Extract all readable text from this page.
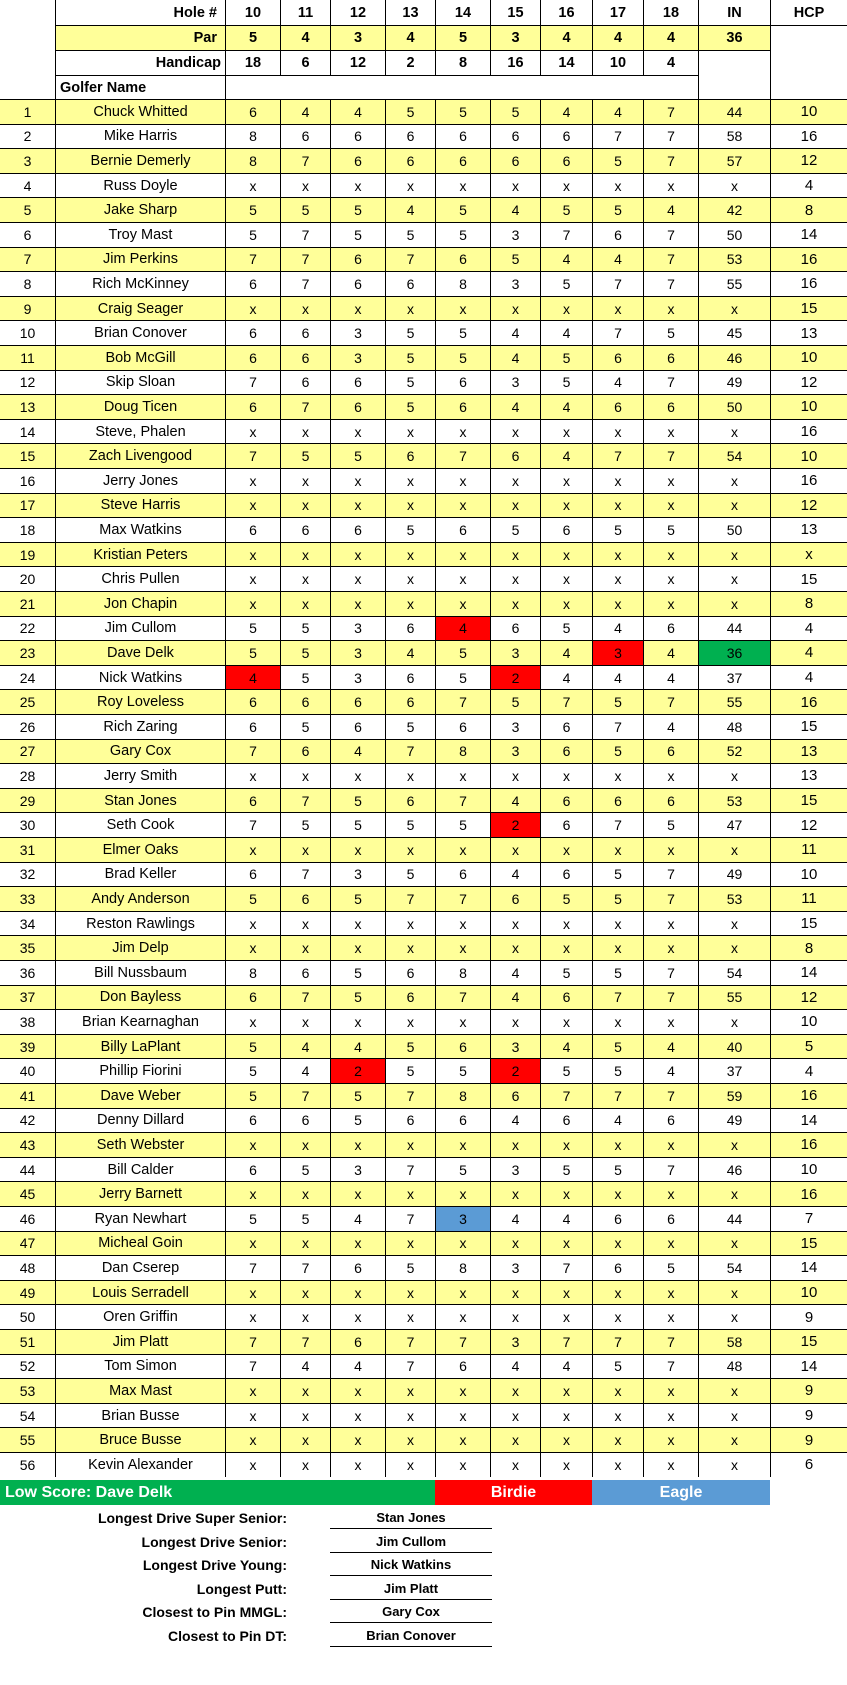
Hole #	10	11	12	13	14	15	16	17	18	IN	HCP
Par	5	4	3	4	5	3	4	4	4	36
Handicap	18	6	12	2	8	16	14	10	4
Golfer Name
1	Chuck Whitted	6	4	4	5	5	5	4	4	7	44	10
2	Mike Harris	8	6	6	6	6	6	6	7	7	58	16
3	Bernie Demerly	8	7	6	6	6	6	6	5	7	57	12
4	Russ Doyle	x	x	x	x	x	x	x	x	x	x	4
5	Jake Sharp	5	5	5	4	5	4	5	5	4	42	8
6	Troy Mast	5	7	5	5	5	3	7	6	7	50	14
7	Jim Perkins	7	7	6	7	6	5	4	4	7	53	16
8	Rich McKinney	6	7	6	6	8	3	5	7	7	55	16
9	Craig Seager	x	x	x	x	x	x	x	x	x	x	15
10	Brian Conover	6	6	3	5	5	4	4	7	5	45	13
11	Bob McGill	6	6	3	5	5	4	5	6	6	46	10
12	Skip Sloan	7	6	6	5	6	3	5	4	7	49	12
13	Doug Ticen	6	7	6	5	6	4	4	6	6	50	10
14	Steve, Phalen	x	x	x	x	x	x	x	x	x	x	16
15	Zach Livengood	7	5	5	6	7	6	4	7	7	54	10
16	Jerry Jones	x	x	x	x	x	x	x	x	x	x	16
17	Steve Harris	x	x	x	x	x	x	x	x	x	x	12
18	Max Watkins	6	6	6	5	6	5	6	5	5	50	13
19	Kristian Peters	x	x	x	x	x	x	x	x	x	x	x
20	Chris Pullen	x	x	x	x	x	x	x	x	x	x	15
21	Jon Chapin	x	x	x	x	x	x	x	x	x	x	8
22	Jim Cullom	5	5	3	6	4	6	5	4	6	44	4
23	Dave Delk	5	5	3	4	5	3	4	3	4	36	4
24	Nick Watkins	4	5	3	6	5	2	4	4	4	37	4
25	Roy Loveless	6	6	6	6	7	5	7	5	7	55	16
26	Rich Zaring	6	5	6	5	6	3	6	7	4	48	15
27	Gary Cox	7	6	4	7	8	3	6	5	6	52	13
28	Jerry Smith	x	x	x	x	x	x	x	x	x	x	13
29	Stan Jones	6	7	5	6	7	4	6	6	6	53	15
30	Seth Cook	7	5	5	5	5	2	6	7	5	47	12
31	Elmer Oaks	x	x	x	x	x	x	x	x	x	x	11
32	Brad Keller	6	7	3	5	6	4	6	5	7	49	10
33	Andy Anderson	5	6	5	7	7	6	5	5	7	53	11
34	Reston Rawlings	x	x	x	x	x	x	x	x	x	x	15
35	Jim Delp	x	x	x	x	x	x	x	x	x	x	8
36	Bill Nussbaum	8	6	5	6	8	4	5	5	7	54	14
37	Don Bayless	6	7	5	6	7	4	6	7	7	55	12
38	Brian Kearnaghan	x	x	x	x	x	x	x	x	x	x	10
39	Billy LaPlant	5	4	4	5	6	3	4	5	4	40	5
40	Phillip Fiorini	5	4	2	5	5	2	5	5	4	37	4
41	Dave Weber	5	7	5	7	8	6	7	7	7	59	16
42	Denny Dillard	6	6	5	6	6	4	6	4	6	49	14
43	Seth Webster	x	x	x	x	x	x	x	x	x	x	16
44	Bill Calder	6	5	3	7	5	3	5	5	7	46	10
45	Jerry Barnett	x	x	x	x	x	x	x	x	x	x	16
46	Ryan Newhart	5	5	4	7	3	4	4	6	6	44	7
47	Micheal Goin	x	x	x	x	x	x	x	x	x	x	15
48	Dan Cserep	7	7	6	5	8	3	7	6	5	54	14
49	Louis Serradell	x	x	x	x	x	x	x	x	x	x	10
50	Oren Griffin	x	x	x	x	x	x	x	x	x	x	9
51	Jim Platt	7	7	6	7	7	3	7	7	7	58	15
52	Tom Simon	7	4	4	7	6	4	4	5	7	48	14
53	Max Mast	x	x	x	x	x	x	x	x	x	x	9
54	Brian Busse	x	x	x	x	x	x	x	x	x	x	9
55	Bruce Busse	x	x	x	x	x	x	x	x	x	x	9
56	Kevin Alexander	x	x	x	x	x	x	x	x	x	x	6
Low Score: Dave Delk	Birdie	Eagle
Longest Drive Super Senior:	Stan Jones
Longest Drive Senior:	Jim Cullom
Longest Drive Young:	Nick Watkins
Longest Putt:	Jim Platt
Closest to Pin MMGL:	Gary Cox
Closest to Pin DT:	Brian Conover
